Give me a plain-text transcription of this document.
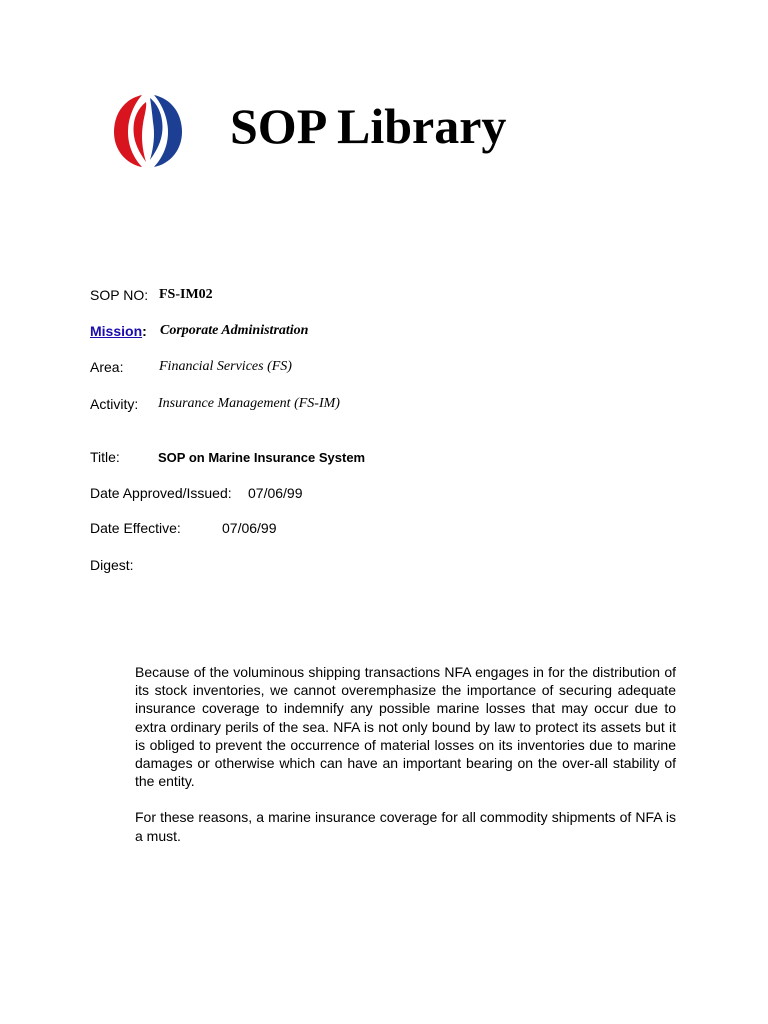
SOP Library
SOP NO: FS-IM02
Mission: Corporate Administration
Area:	Financial Services (FS)
Activity: Insurance Management (FS-IM)
Title:	SOP on Marine Insurance System
Date Approved/Issued: 07/06/99
Date Effective:	07/06/99
Digest:

Because of the voluminous shipping transactions NFA engages in for the distribution of its stock inventories, we cannot overemphasize the importance of securing adequate insurance coverage to indemnify any possible marine losses that may occur due to extra ordinary perils of the sea. NFA is not only bound by law to protect its assets but it is obliged to prevent the occurrence of material losses on its inventories due to marine damages or otherwise which can have an important bearing on the over-all stability of the entity.

For these reasons, a marine insurance coverage for all commodity shipments of NFA is a must.
